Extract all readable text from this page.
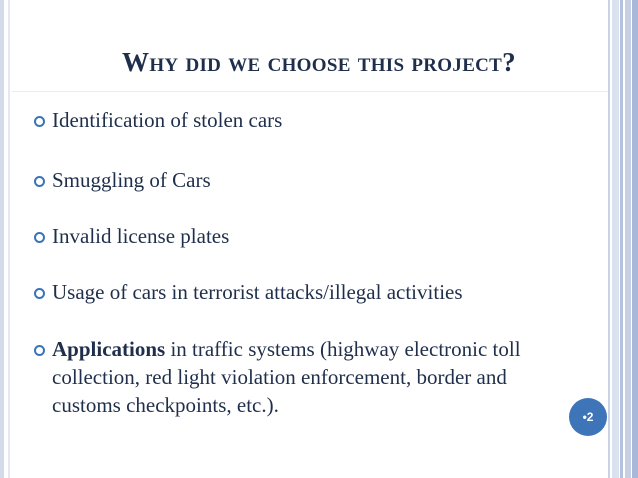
Why did we choose this project?
Identification of stolen cars
Smuggling of Cars
Invalid license plates
Usage of cars in terrorist attacks/illegal activities
Applications in traffic systems (highway electronic toll collection, red light violation enforcement, border and customs checkpoints, etc.).	•2
